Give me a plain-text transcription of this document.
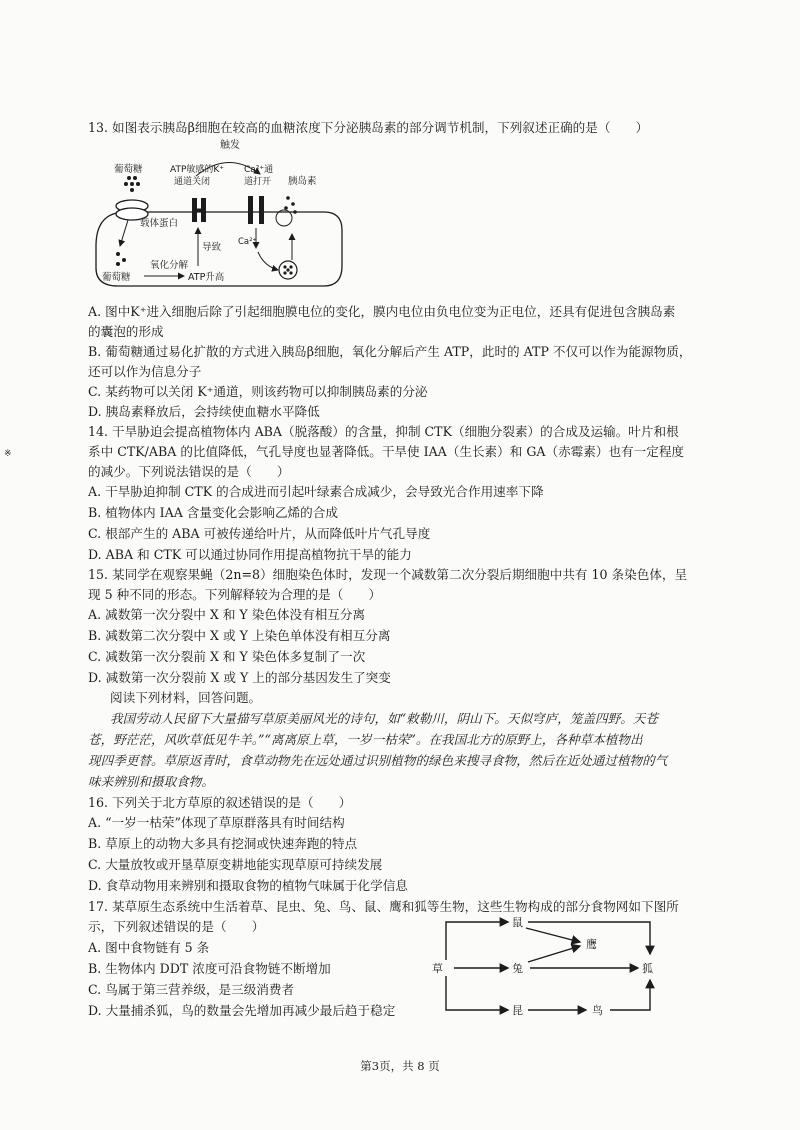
13. 如图表示胰岛β细胞在较高的血糖浓度下分泌胰岛素的部分调节机制，下列叙述正确的是（　　）
触发
葡萄糖
载体蛋白
ATP敏感的K⁺
通道关闭
Ca²⁺通
道打开 胰岛素
Ca²⁺
葡萄糖
氧化分解
ATP升高
导致
A. 图中K⁺进入细胞后除了引起细胞膜电位的变化，膜内电位由负电位变为正电位，还具有促进包含胰岛素
的囊泡的形成
B. 葡萄糖通过易化扩散的方式进入胰岛β细胞，氧化分解后产生 ATP，此时的 ATP 不仅可以作为能源物质，
还可以作为信息分子
C. 某药物可以关闭 K⁺通道，则该药物可以抑制胰岛素的分泌
D. 胰岛素释放后，会持续使血糖水平降低
※
14. 干旱胁迫会提高植物体内 ABA（脱落酸）的含量，抑制 CTK（细胞分裂素）的合成及运输。叶片和根
系中 CTK/ABA 的比值降低，气孔导度也显著降低。干旱使 IAA（生长素）和 GA（赤霉素）也有一定程度
的减少。下列说法错误的是（　　）
A. 干旱胁迫抑制 CTK 的合成进而引起叶绿素合成减少，会导致光合作用速率下降
B. 植物体内 IAA 含量变化会影响乙烯的合成
C. 根部产生的 ABA 可被传递给叶片，从而降低叶片气孔导度
D. ABA 和 CTK 可以通过协同作用提高植物抗干旱的能力
15. 某同学在观察果蝇（2n=8）细胞染色体时，发现一个减数第二次分裂后期细胞中共有 10 条染色体，呈
现 5 种不同的形态。下列解释较为合理的是（　　）
A. 减数第一次分裂中 X 和 Y 染色体没有相互分离
B. 减数第二次分裂中 X 或 Y 上染色单体没有相互分离
C. 减数第一次分裂前 X 和 Y 染色体多复制了一次
D. 减数第一次分裂前 X 或 Y 上的部分基因发生了突变
阅读下列材料，回答问题。
我国劳动人民留下大量描写草原美丽风光的诗句，如“敕勒川，阴山下。天似穹庐，笼盖四野。天苍
苍，野茫茫，风吹草低见牛羊。”“离离原上草，一岁一枯荣”。在我国北方的原野上，各种草本植物出
现四季更替。草原返青时，食草动物先在远处通过识别植物的绿色来搜寻食物，然后在近处通过植物的气
味来辨别和摄取食物。
16. 下列关于北方草原的叙述错误的是（　　）
A. “一岁一枯荣”体现了草原群落具有时间结构
B. 草原上的动物大多具有挖洞或快速奔跑的特点
C. 大量放牧或开垦草原变耕地能实现草原可持续发展
D. 食草动物用来辨别和摄取食物的植物气味属于化学信息
17. 某草原生态系统中生活着草、昆虫、兔、鸟、鼠、鹰和狐等生物，这些生物构成的部分食物网如下图所
示，下列叙述错误的是（　　）
A. 图中食物链有 5 条
B. 生物体内 DDT 浓度可沿食物链不断增加
C. 鸟属于第三营养级，是三级消费者
D. 大量捕杀狐，鸟的数量会先增加再减少最后趋于稳定
草
鼠
鹰
兔	狐
昆	鸟
第3页，共 8 页
